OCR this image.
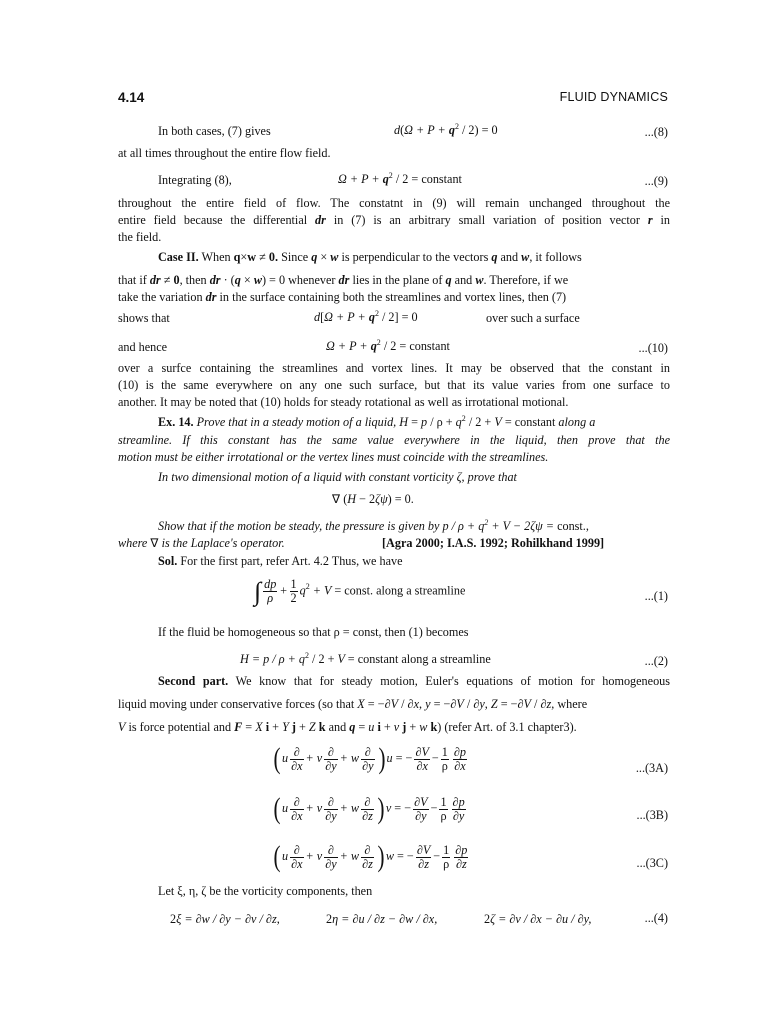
4.14	FLUID DYNAMICS
In both cases, (7) gives	$d(\Omega + P + q^2 / 2) = 0$	...(8)
at all times throughout the entire flow field.
Integrating (8),	$\Omega + P + q^2 / 2$ = constant	...(9)
throughout the entire field of flow. The constatnt in (9) will remain unchanged throughout the
entire field because the differential dr in (7) is an arbitrary small variation of position vector r in
the field.
Case II. When q×w ≠ 0. Since q × w is perpendicular to the vectors q and w, it follows
that if dr ≠ 0, then dr · (q × w) = 0 whenever dr lies in the plane of q and w. Therefore, if we
take the variation dr in the surface containing both the streamlines and vortex lines, then (7)
shows that	$d[\Omega + P + q^2 / 2] = 0$	over such a surface
and hence	$\Omega + P + q^2 / 2$ = constant	...(10)
over a surfce containing the streamlines and vortex lines. It may be observed that the constant in
(10) is the same everywhere on any one such surface, but that its value varies from one surface to
another. It may be noted that (10) holds for steady rotational as well as irrotational motional.
Ex. 14. Prove that in a steady motion of a liquid, $H = p / \rho + q^2 / 2 + V$ = constant along a
streamline. If this constant has the same value everywhere in the liquid, then prove that the
motion must be either irrotational or the vertex lines must coincide with the streamlines.
In two dimensional motion of a liquid with constant vorticity ζ, prove that
∇ (H − 2ζψ) = 0.
Show that if the motion be steady, the pressure is given by $p / \rho + q^2 + V - 2\zeta\psi$ = const.,
where ∇ is the Laplace's operator.	[Agra 2000; I.A.S. 1992; Rohilkhand 1999]
Sol. For the first part, refer Art. 4.2 Thus, we have
∫ $\frac{dp}{\rho} + \frac{1}{2} q^2 + V$ = const. along a streamline	...(1)
If the fluid be homogeneous so that ρ = const, then (1) becomes
$H = p / \rho + q^2 / 2 + V$ = constant along a streamline	...(2)
Second part. We know that for steady motion, Euler's equations of motion for homogeneous
liquid moving under conservative forces (so that X = −∂V / ∂x, y = −∂V / ∂y, Z = −∂V / ∂z, where
V is force potential and F = X i + Y j + Z k and q = u i + v j + w k) (refer Art. of 3.1 chapter3).
( u ∂
∂x
+ v ∂
∂y
+ w ∂
∂y ) u = − $\frac{\partial V}{\partial x} - \frac{1}{\rho} \frac{\partial p}{\partial x}$	...(3A)
( u ∂
∂x
+ v ∂
∂y
+ w ∂
∂z ) v = − $\frac{\partial V}{\partial y} - \frac{1}{\rho} \frac{\partial p}{\partial y}$	...(3B)
( u ∂
∂x
+ v ∂
∂y
+ w ∂
∂z ) w = − $\frac{\partial V}{\partial z} - \frac{1}{\rho} \frac{\partial p}{\partial z}$	...(3C)
Let ξ, η, ζ be the vorticity components, then
2ξ = ∂w / ∂y − ∂v / ∂z,	2η = ∂u / ∂z − ∂w / ∂x,	2ζ = ∂v / ∂x − ∂u / ∂y,	...(4)
